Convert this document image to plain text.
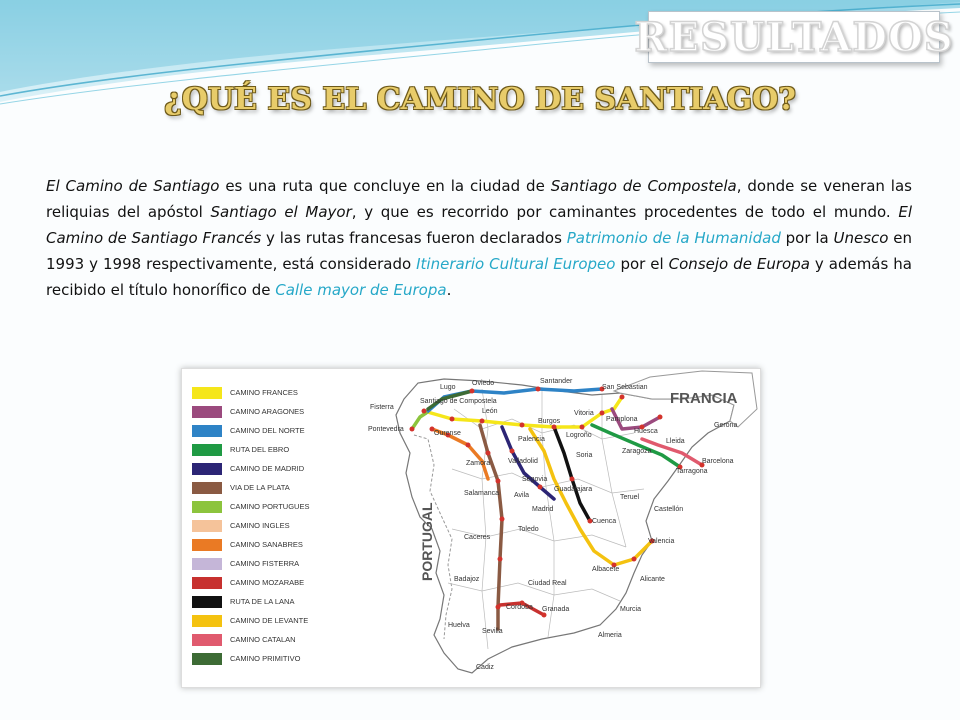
RESULTADOS
¿QUÉ ES EL CAMINO DE SANTIAGO?

El Camino de Santiago es una ruta que concluye en la ciudad de Santiago de Compostela, donde se veneran las reliquias del apóstol Santiago el Mayor, y que es recorrido por caminantes procedentes de todo el mundo. El Camino de Santiago Francés y las rutas francesas fueron declarados Patrimonio de la Humanidad por la Unesco en 1993 y 1998 respectivamente, está considerado Itinerario Cultural Europeo por el Consejo de Europa y además ha recibido el título honorífico de Calle mayor de Europa.

FRANCIA
PORTUGAL
Lugo
Oviedo	Santander
San Sebastian
Fisterra
Santiago de Compostela
Pontevedra
Ourense
León
Burgos
Vitoria
Pamplona
Huesca
Gerona
Lleida
Barcelona
Logroño
Zaragoza
Tarragona
Palencia
Valladolid
Soria
Zamora
Segovia
Salamanca Avila
Guadalajara
Teruel
Castellón
Madrid
Cuenca
Toledo
Caceres
Valencia
Albacete
Alicante
Ciudad Real
Badajoz
Cordoba Granada	Murcia
Almeria
Huelva
Sevilla
Cadiz
CAMINO FRANCES
CAMINO ARAGONES
CAMINO DEL NORTE
RUTA DEL EBRO
CAMINO DE MADRID
VIA DE LA PLATA
CAMINO PORTUGUES
CAMINO INGLES
CAMINO SANABRES
CAMINO FISTERRA
CAMINO MOZARABE
RUTA DE LA LANA
CAMINO DE LEVANTE
CAMINO CATALAN
CAMINO PRIMITIVO
